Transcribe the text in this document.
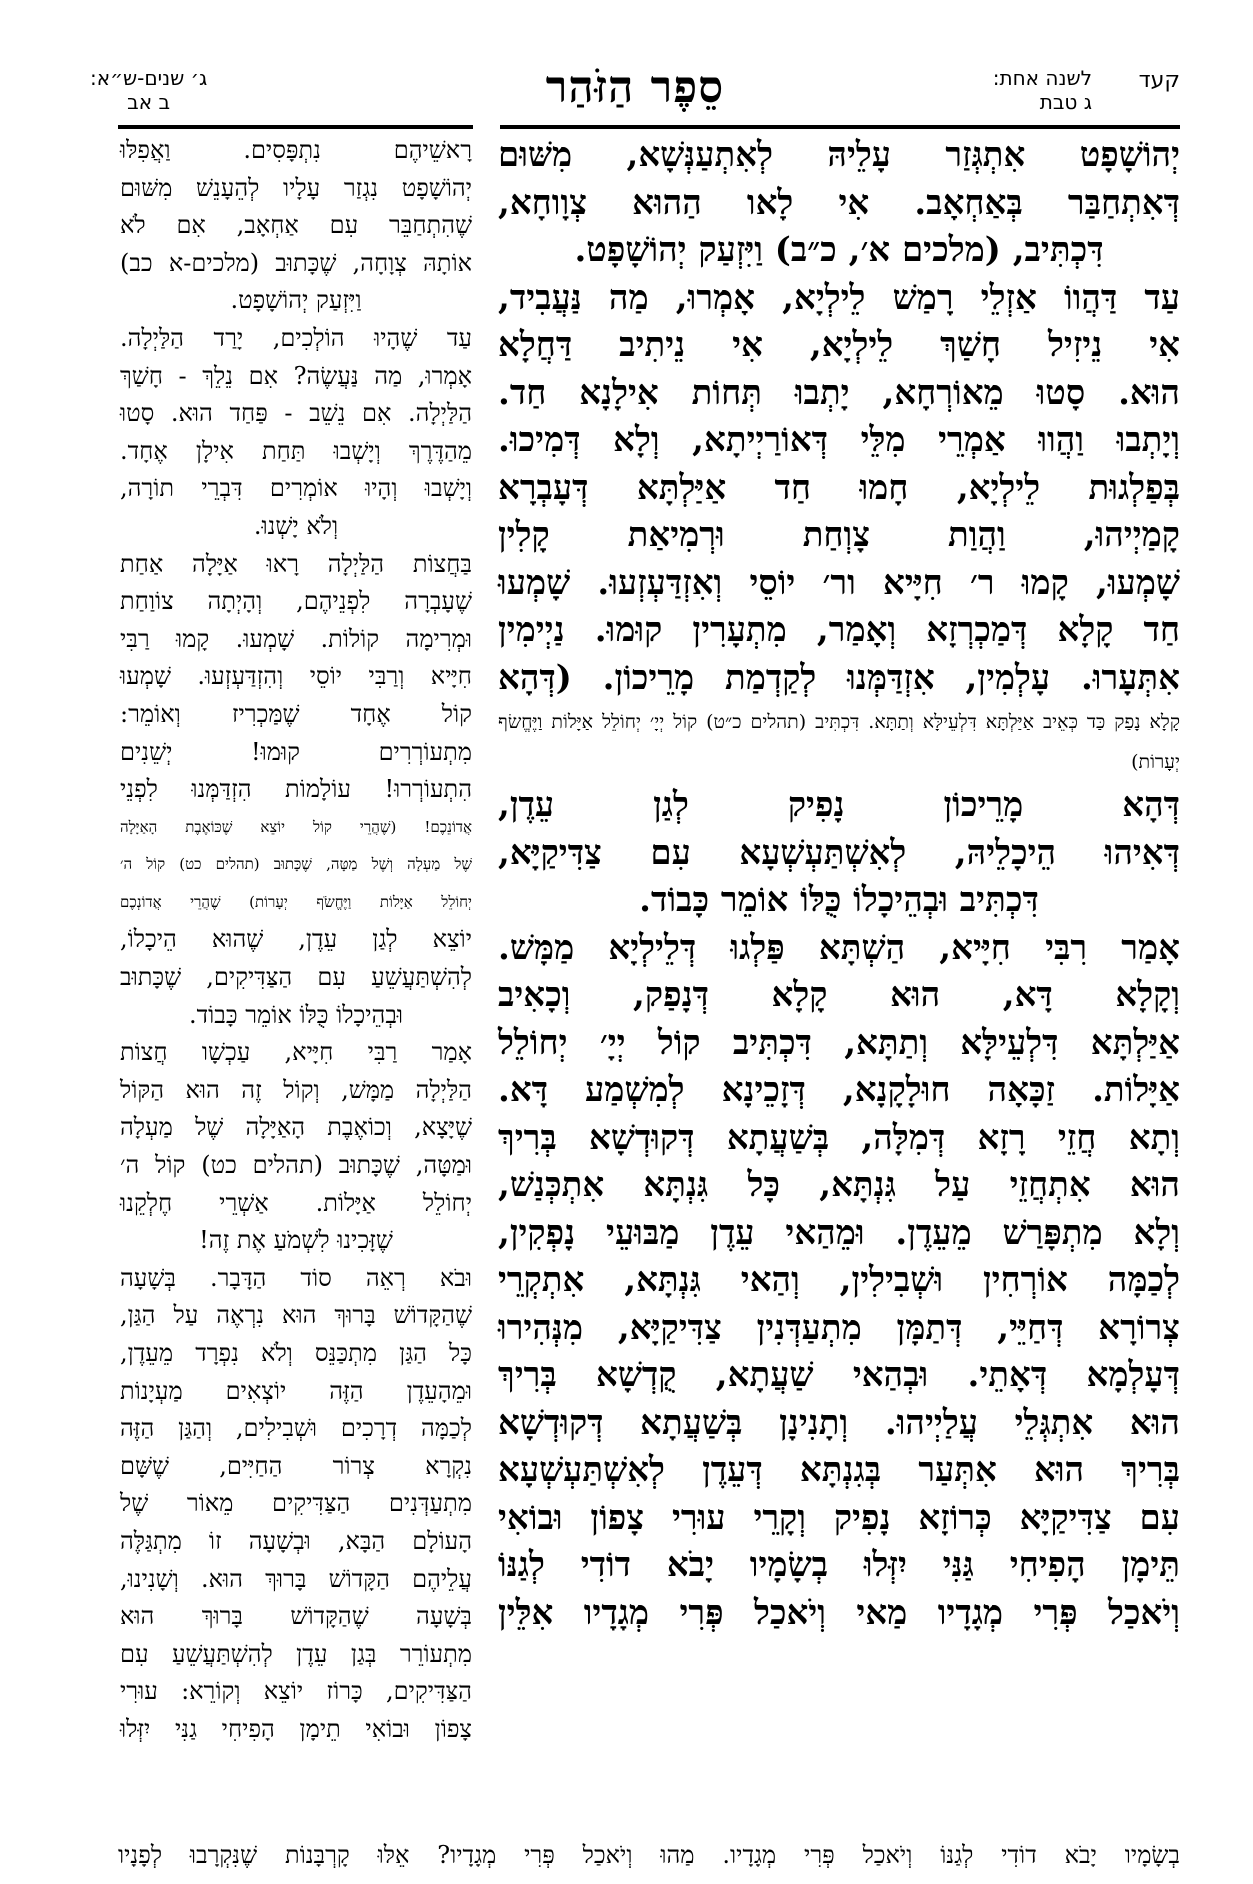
סֵפֶר הַזֹּהַר	קעד
לשנה אחת:
ג טבת
ג׳ שנים-ש״א:
ב אב

יְהוֹשָׁפָט אִתְגְּזַר עָלֵיהּ לְאִתְעַנְּשָׁא, מִשּׁוּם

דְּאִתְחַבַּר בְּאַחְאָב. אִי לָאו הַהוּא צְוָוחָא,

דִּכְתִּיב, (מלכים א׳, כ״ב) וַיִּזְעַק יְהוֹשָׁפָט.

עַד דַּהֲווֹ אַזְלֵי רָמַשׁ לֵילְיָא, אָמְרוּ, מַה נַּעֲבִיד,

אִי נֵיזִיל חָשַׁךְ לֵילְיָא, אִי נֵיתִיב דַּחֲלָא

הוּא. סָטוּ מֵאוֹרְחָא, יָתְבוּ תְּחוֹת אִילָנָא חַד.

וְיָתְבוּ וַהֲווּ אַמְרֵי מִלֵּי דְּאוֹרַיְיתָא, וְלָא דְּמִיכוּ.

בְּפַלְגוּת לֵילְיָא, חָמוּ חַד אַיַּלְתָּא דְּעָבְרָא

קָמַיְיהוּ, וַהֲוַת צָוְחַת וּרְמִיאַת קָלִין

שָׁמְעוּ, קָמוּ ר׳ חִיָּיא ור׳ יוֹסֵי וְאִזְדַּעְזְעוּ. שָׁמְעוּ

חַד קָלָא דְּמַכְרְזָא וְאָמַר, מִתְעָרִין קוּמוּ. נַיְימִין

אִתְּעָרוּ. עָלְמִין, אִזְדַּמְּנוּ לְקַדְמַת מָרֵיכוֹן. (דְּהָא

קָלָא נָפַק כַּד כְּאֵיב אַיַּלְתָּא דִּלְעֵילָּא וְתַתָּא. דִּכְתִּיב (תהלים כ״ט) קוֹל יְיָ׳ יְחוֹלֵל אַיָּלוֹת וַיֶּחֱשׂף יְעָרוֹת)

דְּהָא מָרֵיכוֹן נָפִיק לְגַן עֵדֶן,

דְּאִיהוּ הֵיכָלֵיהּ, לְאִשְׁתַּעְשְׁעָא עִם צַדִּיקַיָּא,

דִּכְתִּיב וּבְהֵיכָלוֹ כֻּלּוֹ אוֹמֵר כָּבוֹד.

אָמַר רִבִּי חִיָּיא, הַשְׁתָּא פַּלְגוּ דְּלֵילְיָא מַמָּשׁ.

וְקָלָא דָּא, הוּא קָלָא דְּנָפַק, וְכָאִיב

אַיַּלְתָּא דִּלְעֵילָּא וְתַתָּא, דִּכְתִּיב קוֹל יְיָ׳ יְחוֹלֵל

אַיָּלוֹת. זַכָּאָה חוּלָקָנָא, דְּזָכֵינָא לְמִשְׁמַע דָּא.

וְתָא חֲזֵי רָזָא דְּמִלָּה, בְּשַׁעֲתָא דְּקוּדְשָׁא בְּרִיךְ

הוּא אִתְחֲזֵי עַל גִּנְתָּא, כָּל גִּנְתָּא אִתְכְּנַשׁ,

וְלָא מִתְפָּרַשׁ מֵעֵדֶן. וּמֵהַאי עֵדֶן מַבּוּעֵי נָפְקִין,

לְכַמָּה אוֹרְחִין וּשְׁבִילִין, וְהַאי גִּנְתָּא, אִתְקְרֵי

צְרוֹרָא דְּחַיֵּי, דְּתַמָּן מִתְעַדְּנִין צַדִּיקַיָּא, מִנְּהִירוּ

דְּעָלְמָא דְּאָתֵי. וּבְהַאי שַׁעֲתָא, קֻדְשָׁא בְּרִיךְ

הוּא אִתְגְּלֵי עֲלַיְיהוּ. וְתָנִינָן בְּשַׁעֲתָא דְּקוּדְשָׁא

בְּרִיךְ הוּא אִתְּעַר בְּגִנְתָּא דְּעֵדֶן לְאִשְׁתַּעְשְׁעָא

עִם צַדִּיקַיָּא כְּרוֹזָא נָפִיק וְקָרֵי עוּרִי צָפוֹן וּבוֹאִי

תֵּימָן הָפִיחִי גַּנִּי יִזְּלוּ בְשָׂמָיו יָבֹא דוֹדִי לְגַנּוֹ

וְיֹאכַל פְּרִי מְגָדָיו מַאי וְיֹאכַל פְּרִי מְגָדָיו אִלֵּין

רָאשֵׁיהֶם נִתְפָּסִים. וַאֲפִלּוּ

יְהוֹשָׁפָט נִגְזַר עָלָיו לְהֵעָנֵשׁ מִשּׁוּם

שֶׁהִתְחַבֵּר עִם אַחְאָב, אִם לֹא

אוֹתָהּ צְוָחָה, שֶׁכָּתוּב (מלכים-א כב)

וַיִּזְעַק יְהוֹשָׁפָט.

עַד שֶׁהָיוּ הוֹלְכִים, יָרַד הַלַּיְלָה.

אָמְרוּ, מַה נַּעֲשֶׂה? אִם נֵלֵךְ - חָשַׁךְ

הַלַּיְלָה. אִם נֵשֵׁב - פַּחַד הוּא. סָטוּ

מֵהַדֶּרֶךְ וְיָשְׁבוּ תַּחַת אִילָן אֶחָד.

וְיָשְׁבוּ וְהָיוּ אוֹמְרִים דִּבְרֵי תוֹרָה,

וְלֹא יָשְׁנוּ.

בַּחֲצוֹת הַלַּיְלָה רָאוּ אַיָּלָה אַחַת

שֶׁעָבְרָה לִפְנֵיהֶם, וְהָיְתָה צוֹוַחַת

וּמְרִימָה קוֹלוֹת. שָׁמְעוּ. קָמוּ רַבִּי

חִיָּיא וְרַבִּי יוֹסֵי וְהִזְדַּעְזְעוּ. שָׁמְעוּ

קוֹל אֶחָד שֶׁמַּכְרִיז וְאוֹמֵר:

מִתְעוֹרְרִים קוּמוּ! יְשֵׁנִים

הִתְעוֹרְרוּ! עוֹלָמוֹת הִזְדַּמְּנוּ לִפְנֵי

אֲדוֹנֵכֶם! (שֶׁהֲרֵי קוֹל יוֹצֵא שֶׁכּוֹאֶבֶת הָאַיָּלָה

שֶׁל מַעְלָה וְשֶׁל מַטָּה, שֶׁכָּתוּב (תהלים כט) קוֹל ה׳

יְחוֹלֵל אַיָּלוֹת וַיֶּחֱשֹׂף יְעָרוֹת) שֶׁהֲרֵי אֲדוֹנְכֶם

יוֹצֵא לְגַן עֵדֶן, שֶׁהוּא הֵיכָלוֹ,

לְהִשְׁתַּעֲשֵׁעַ עִם הַצַּדִּיקִים, שֶׁכָּתוּב

וּבְהֵיכָלוֹ כֻּלּוֹ אוֹמֵר כָּבוֹד.

אָמַר רַבִּי חִיָּיא, עַכְשָׁו חֲצוֹת

הַלַּיְלָה מַמָּשׁ, וְקוֹל זֶה הוּא הַקּוֹל

שֶׁיָּצָא, וְכוֹאֶבֶת הָאַיָּלָה שֶׁל מַעְלָה

וּמַטָּה, שֶׁכָּתוּב (תהלים כט) קוֹל ה׳

יְחוֹלֵל אַיָּלוֹת. אַשְׁרֵי חֶלְקֵנוּ

שֶׁזָּכִינוּ לִשְׁמֹעַ אֶת זֶה!

וּבֹא רְאֵה סוֹד הַדָּבָר. בְּשָׁעָה

שֶׁהַקָּדוֹשׁ בָּרוּךְ הוּא נִרְאֶה עַל הַגַּן,

כָּל הַגַּן מִתְכַּנֵּס וְלֹא נִפְרָד מֵעֵדֶן,

וּמֵהָעֵדֶן הַזֶּה יוֹצְאִים מַעְיָנוֹת

לְכַמָּה דְרָכִים וּשְׁבִילִים, וְהַגַּן הַזֶּה

נִקְרָא צְרוֹר הַחַיִּים, שֶׁשָּׁם

מִתְעַדְּנִים הַצַּדִּיקִים מֵאוֹר שֶׁל

הָעוֹלָם הַבָּא, וּבְשָׁעָה זוֹ מִתְגַּלֶּה

עֲלֵיהֶם הַקָּדוֹשׁ בָּרוּךְ הוּא. וְשָׁנִינוּ,

בְּשָׁעָה שֶׁהַקָּדוֹשׁ בָּרוּךְ הוּא

מִתְעוֹרֵר בְּגַן עֵדֶן לְהִשְׁתַּעֲשֵׁעַ עִם

הַצַּדִּיקִים, כָּרוֹז יוֹצֵא וְקוֹרֵא: עוּרִי

צָפוֹן וּבוֹאִי תֵימָן הָפִיחִי גַנִּי יִזְּלוּ

בְשָׂמָיו יָבֹא דוֹדִי לְגַנּוֹ וְיֹאכַל פְּרִי מְגָדָיו. מַהוּ וְיֹאכַל פְּרִי מְגָדָיו? אֵלּוּ קָרְבָּנוֹת שֶׁנִּקְרָבוּ לְפָנָיו
